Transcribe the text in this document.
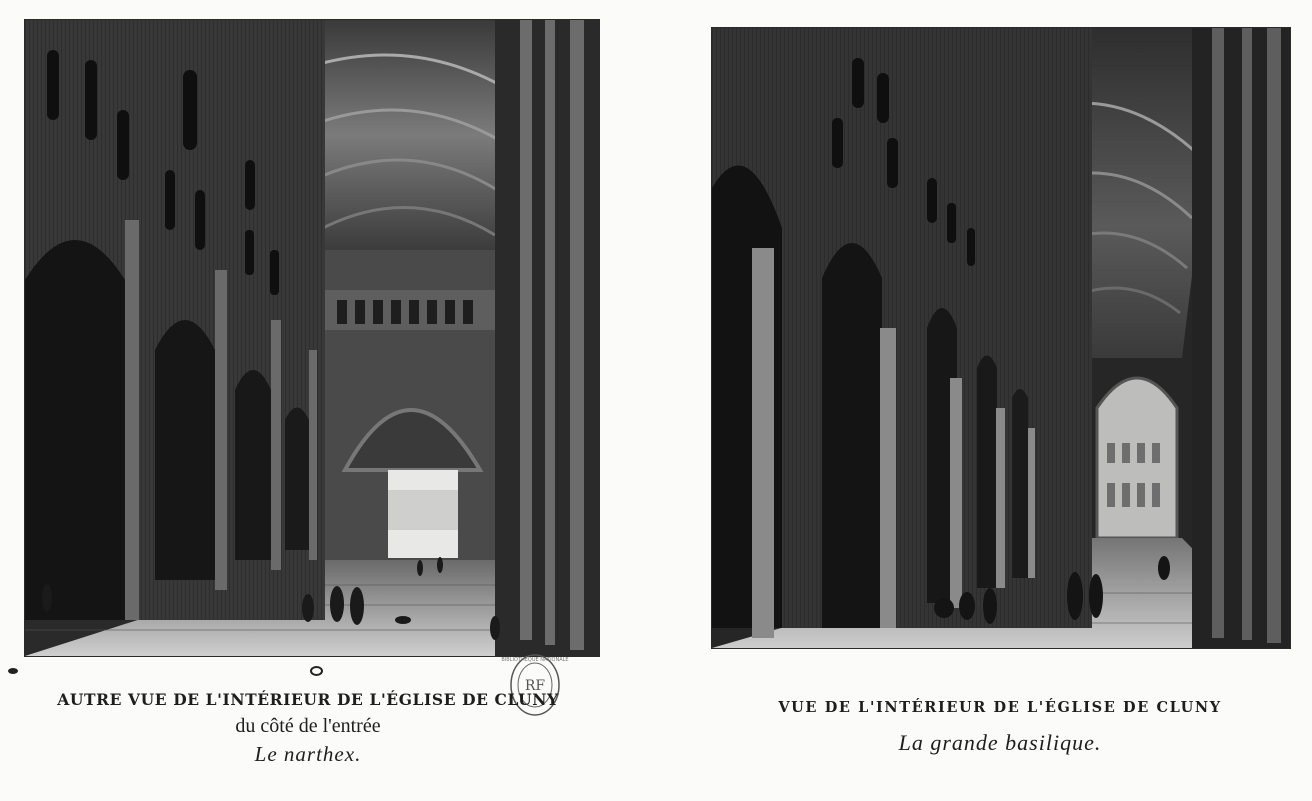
RF
BIBLIOTHÈQUE NATIONALE
AUTRE VUE DE L'INTÉRIEUR DE L'ÉGLISE DE CLUNY
du côté de l'entrée
Le narthex.
VUE DE L'INTÉRIEUR DE L'ÉGLISE DE CLUNY
La grande basilique.
